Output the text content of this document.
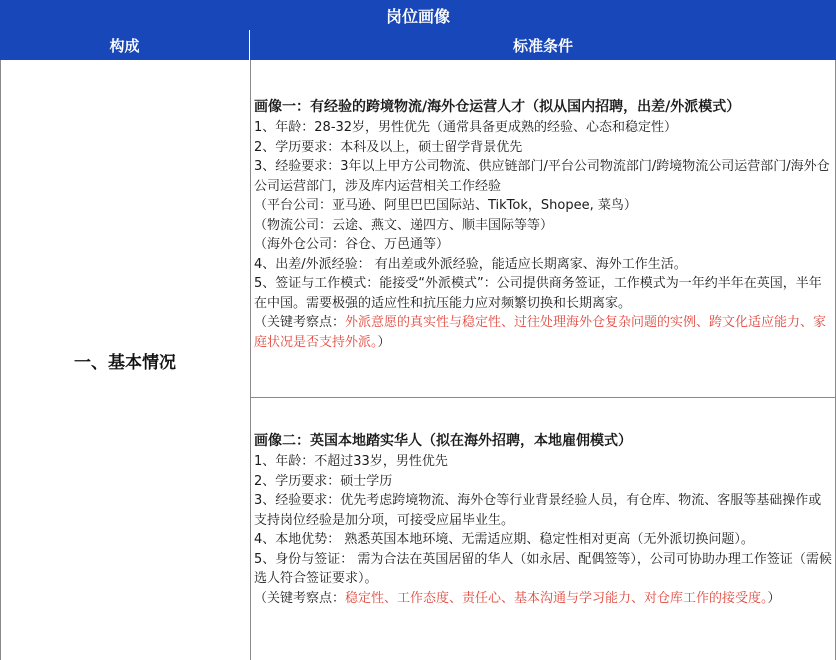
岗位画像
构成	标准条件
一、基本情况
画像一：有经验的跨境物流/海外仓运营人才（拟从国内招聘，出差/外派模式）
1、年龄：28-32岁，男性优先（通常具备更成熟的经验、心态和稳定性）
2、学历要求：本科及以上，硕士留学背景优先
3、经验要求：3年以上甲方公司物流、供应链部门/平台公司物流部门/跨境物流公司运营部门/海外仓公司运营部门，涉及库内运营相关工作经验
（平台公司：亚马逊、阿里巴巴国际站、TikTok，Shopee, 菜鸟）
（物流公司：云途、燕文、递四方、顺丰国际等等）
（海外仓公司：谷仓、万邑通等）
4、出差/外派经验： 有出差或外派经验，能适应长期离家、海外工作生活。
5、签证与工作模式：能接受“外派模式”：公司提供商务签证，工作模式为一年约半年在英国，半年在中国。需要极强的适应性和抗压能力应对频繁切换和长期离家。
（关键考察点：外派意愿的真实性与稳定性、过往处理海外仓复杂问题的实例、跨文化适应能力、家庭状况是否支持外派。）
画像二：英国本地踏实华人（拟在海外招聘，本地雇佣模式）
1、年龄：不超过33岁，男性优先
2、学历要求：硕士学历
3、经验要求：优先考虑跨境物流、海外仓等行业背景经验人员，有仓库、物流、客服等基础操作或支持岗位经验是加分项，可接受应届毕业生。
4、本地优势： 熟悉英国本地环境、无需适应期、稳定性相对更高（无外派切换问题）。
5、身份与签证： 需为合法在英国居留的华人（如永居、配偶签等），公司可协助办理工作签证（需候选人符合签证要求）。
（关键考察点：稳定性、工作态度、责任心、基本沟通与学习能力、对仓库工作的接受度。）
